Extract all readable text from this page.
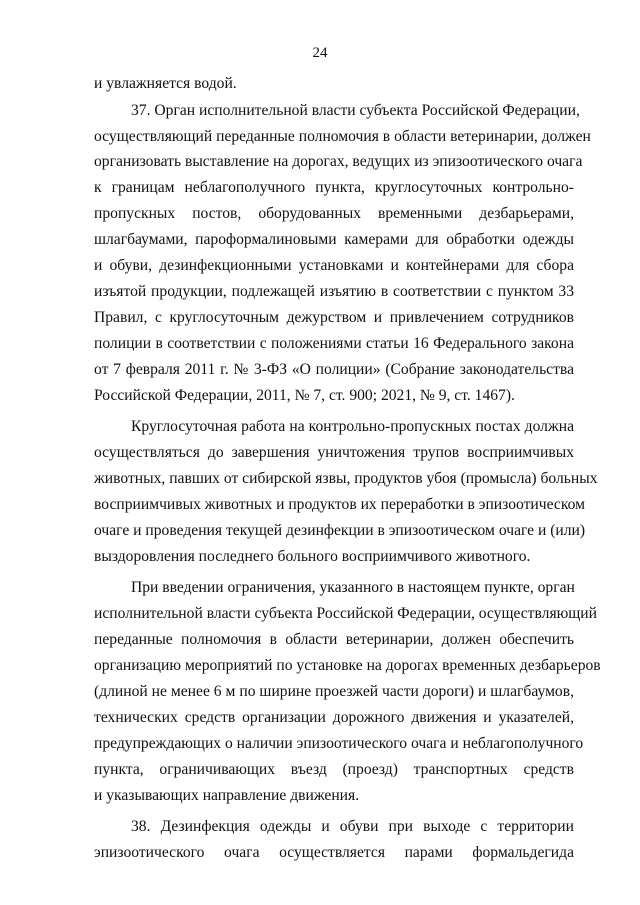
24
и увлажняется водой.
37. Орган исполнительной власти субъекта Российской Федерации,
осуществляющий переданные полномочия в области ветеринарии, должен
организовать выставление на дорогах, ведущих из эпизоотического очага
к границам неблагополучного пункта, круглосуточных контрольно-
пропускных постов, оборудованных временными дезбарьерами,
шлагбаумами, пароформалиновыми камерами для обработки одежды
и обуви, дезинфекционными установками и контейнерами для сбора
изъятой продукции, подлежащей изъятию в соответствии с пунктом 33
Правил, с круглосуточным дежурством и привлечением сотрудников
полиции в соответствии с положениями статьи 16 Федерального закона
от 7 февраля 2011 г. № 3-ФЗ «О полиции» (Собрание законодательства
Российской Федерации, 2011, № 7, ст. 900; 2021, № 9, ст. 1467).
Круглосуточная работа на контрольно-пропускных постах должна
осуществляться до завершения уничтожения трупов восприимчивых
животных, павших от сибирской язвы, продуктов убоя (промысла) больных
восприимчивых животных и продуктов их переработки в эпизоотическом
очаге и проведения текущей дезинфекции в эпизоотическом очаге и (или)
выздоровления последнего больного восприимчивого животного.
При введении ограничения, указанного в настоящем пункте, орган
исполнительной власти субъекта Российской Федерации, осуществляющий
переданные полномочия в области ветеринарии, должен обеспечить
организацию мероприятий по установке на дорогах временных дезбарьеров
(длиной не менее 6 м по ширине проезжей части дороги) и шлагбаумов,
технических средств организации дорожного движения и указателей,
предупреждающих о наличии эпизоотического очага и неблагополучного
пункта, ограничивающих въезд (проезд) транспортных средств
и указывающих направление движения.
38. Дезинфекция одежды и обуви при выходе с территории
эпизоотического очага осуществляется парами формальдегида
